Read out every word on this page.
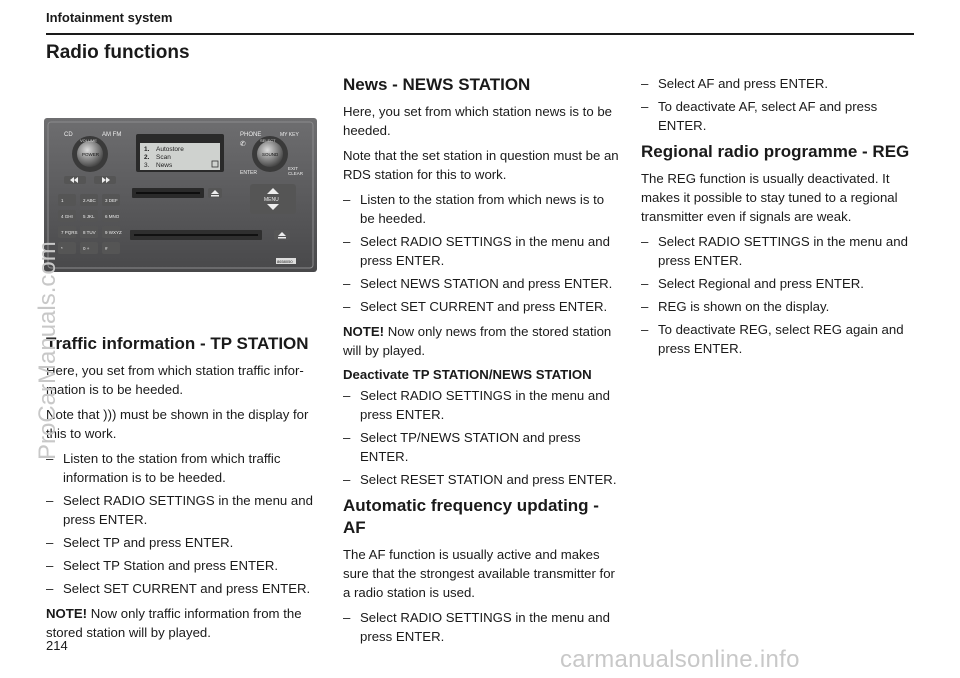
Infotainment system
Radio functions
CD	AM FM	PHONE	MY KEY
VOLUME
POWER
SELECT
SOUND
1. Autostore
2. Scan
3. News
1	2 ABC 3 DEF
4 GHI 5 JKL 6 MNO
7 PQRS 8 TUV 9 WXYZ
*	0 +	#
✆
ENTER
EXIT
CLEAR
MENU
8658050
Traffic information - TP STATION

Here, you set from which station traffic infor-mation is to be heeded.

Note that ))) must be shown in the display for this to work.

– Listen to the station from which traffic information is to be heeded.
– Select RADIO SETTINGS in the menu and press ENTER.
– Select TP and press ENTER.
– Select TP Station and press ENTER.
– Select SET CURRENT and press ENTER.

NOTE! Now only traffic information from the stored station will by played.

News - NEWS STATION

Here, you set from which station news is to be heeded.

Note that the set station in question must be an RDS station for this to work.

– Listen to the station from which news is to be heeded.
– Select RADIO SETTINGS in the menu and press ENTER.
– Select NEWS STATION and press ENTER.
– Select SET CURRENT and press ENTER.

NOTE! Now only news from the stored station will by played.

Deactivate TP STATION/NEWS STATION
– Select RADIO SETTINGS in the menu and press ENTER.
– Select TP/NEWS STATION and press ENTER.
– Select RESET STATION and press ENTER.
Automatic frequency updating - AF

The AF function is usually active and makes sure that the strongest available transmitter for a radio station is used.

– Select RADIO SETTINGS in the menu and press ENTER.
– Select AF and press ENTER.
– To deactivate AF, select AF and press ENTER.
Regional radio programme - REG

The REG function is usually deactivated. It makes it possible to stay tuned to a regional transmitter even if signals are weak.

– Select RADIO SETTINGS in the menu and press ENTER.
– Select Regional and press ENTER.
– REG is shown on the display.
– To deactivate REG, select REG again and press ENTER.
214
ProCarManuals.com
carmanualsonline.info
